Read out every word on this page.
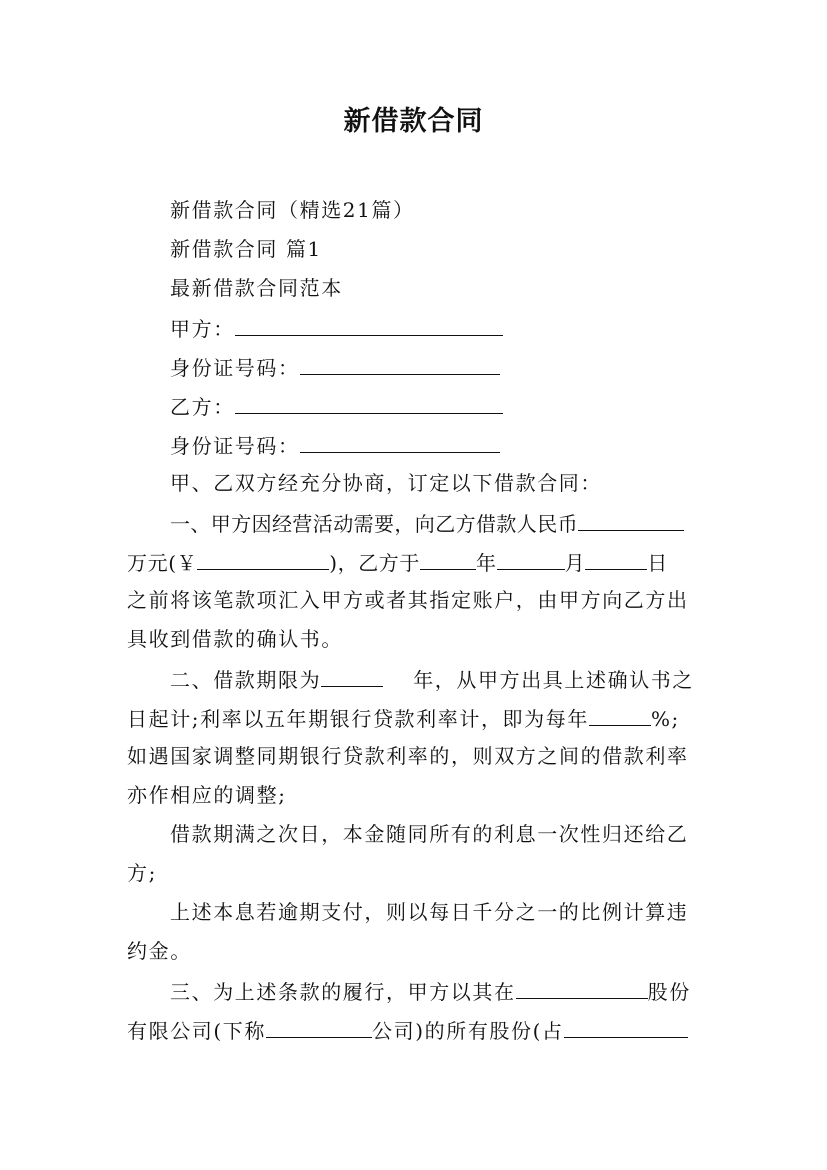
新借款合同

新借款合同（精选21篇）

新借款合同 篇1

最新借款合同范本

甲方：

身份证号码：

乙方：

身份证号码：

甲、乙双方经充分协商，订定以下借款合同：

一、甲方因经营活动需要，向乙方借款人民币

万元(￥	)，乙方于	年	月	日

之前将该笔款项汇入甲方或者其指定账户，由甲方向乙方出

具收到借款的确认书。

二、借款期限为	年，从甲方出具上述确认书之

日起计;利率以五年期银行贷款利率计，即为每年	%;

如遇国家调整同期银行贷款利率的，则双方之间的借款利率

亦作相应的调整;

借款期满之次日，本金随同所有的利息一次性归还给乙

方;

上述本息若逾期支付，则以每日千分之一的比例计算违

约金。

三、为上述条款的履行，甲方以其在	股份

有限公司(下称	公司)的所有股份(占
